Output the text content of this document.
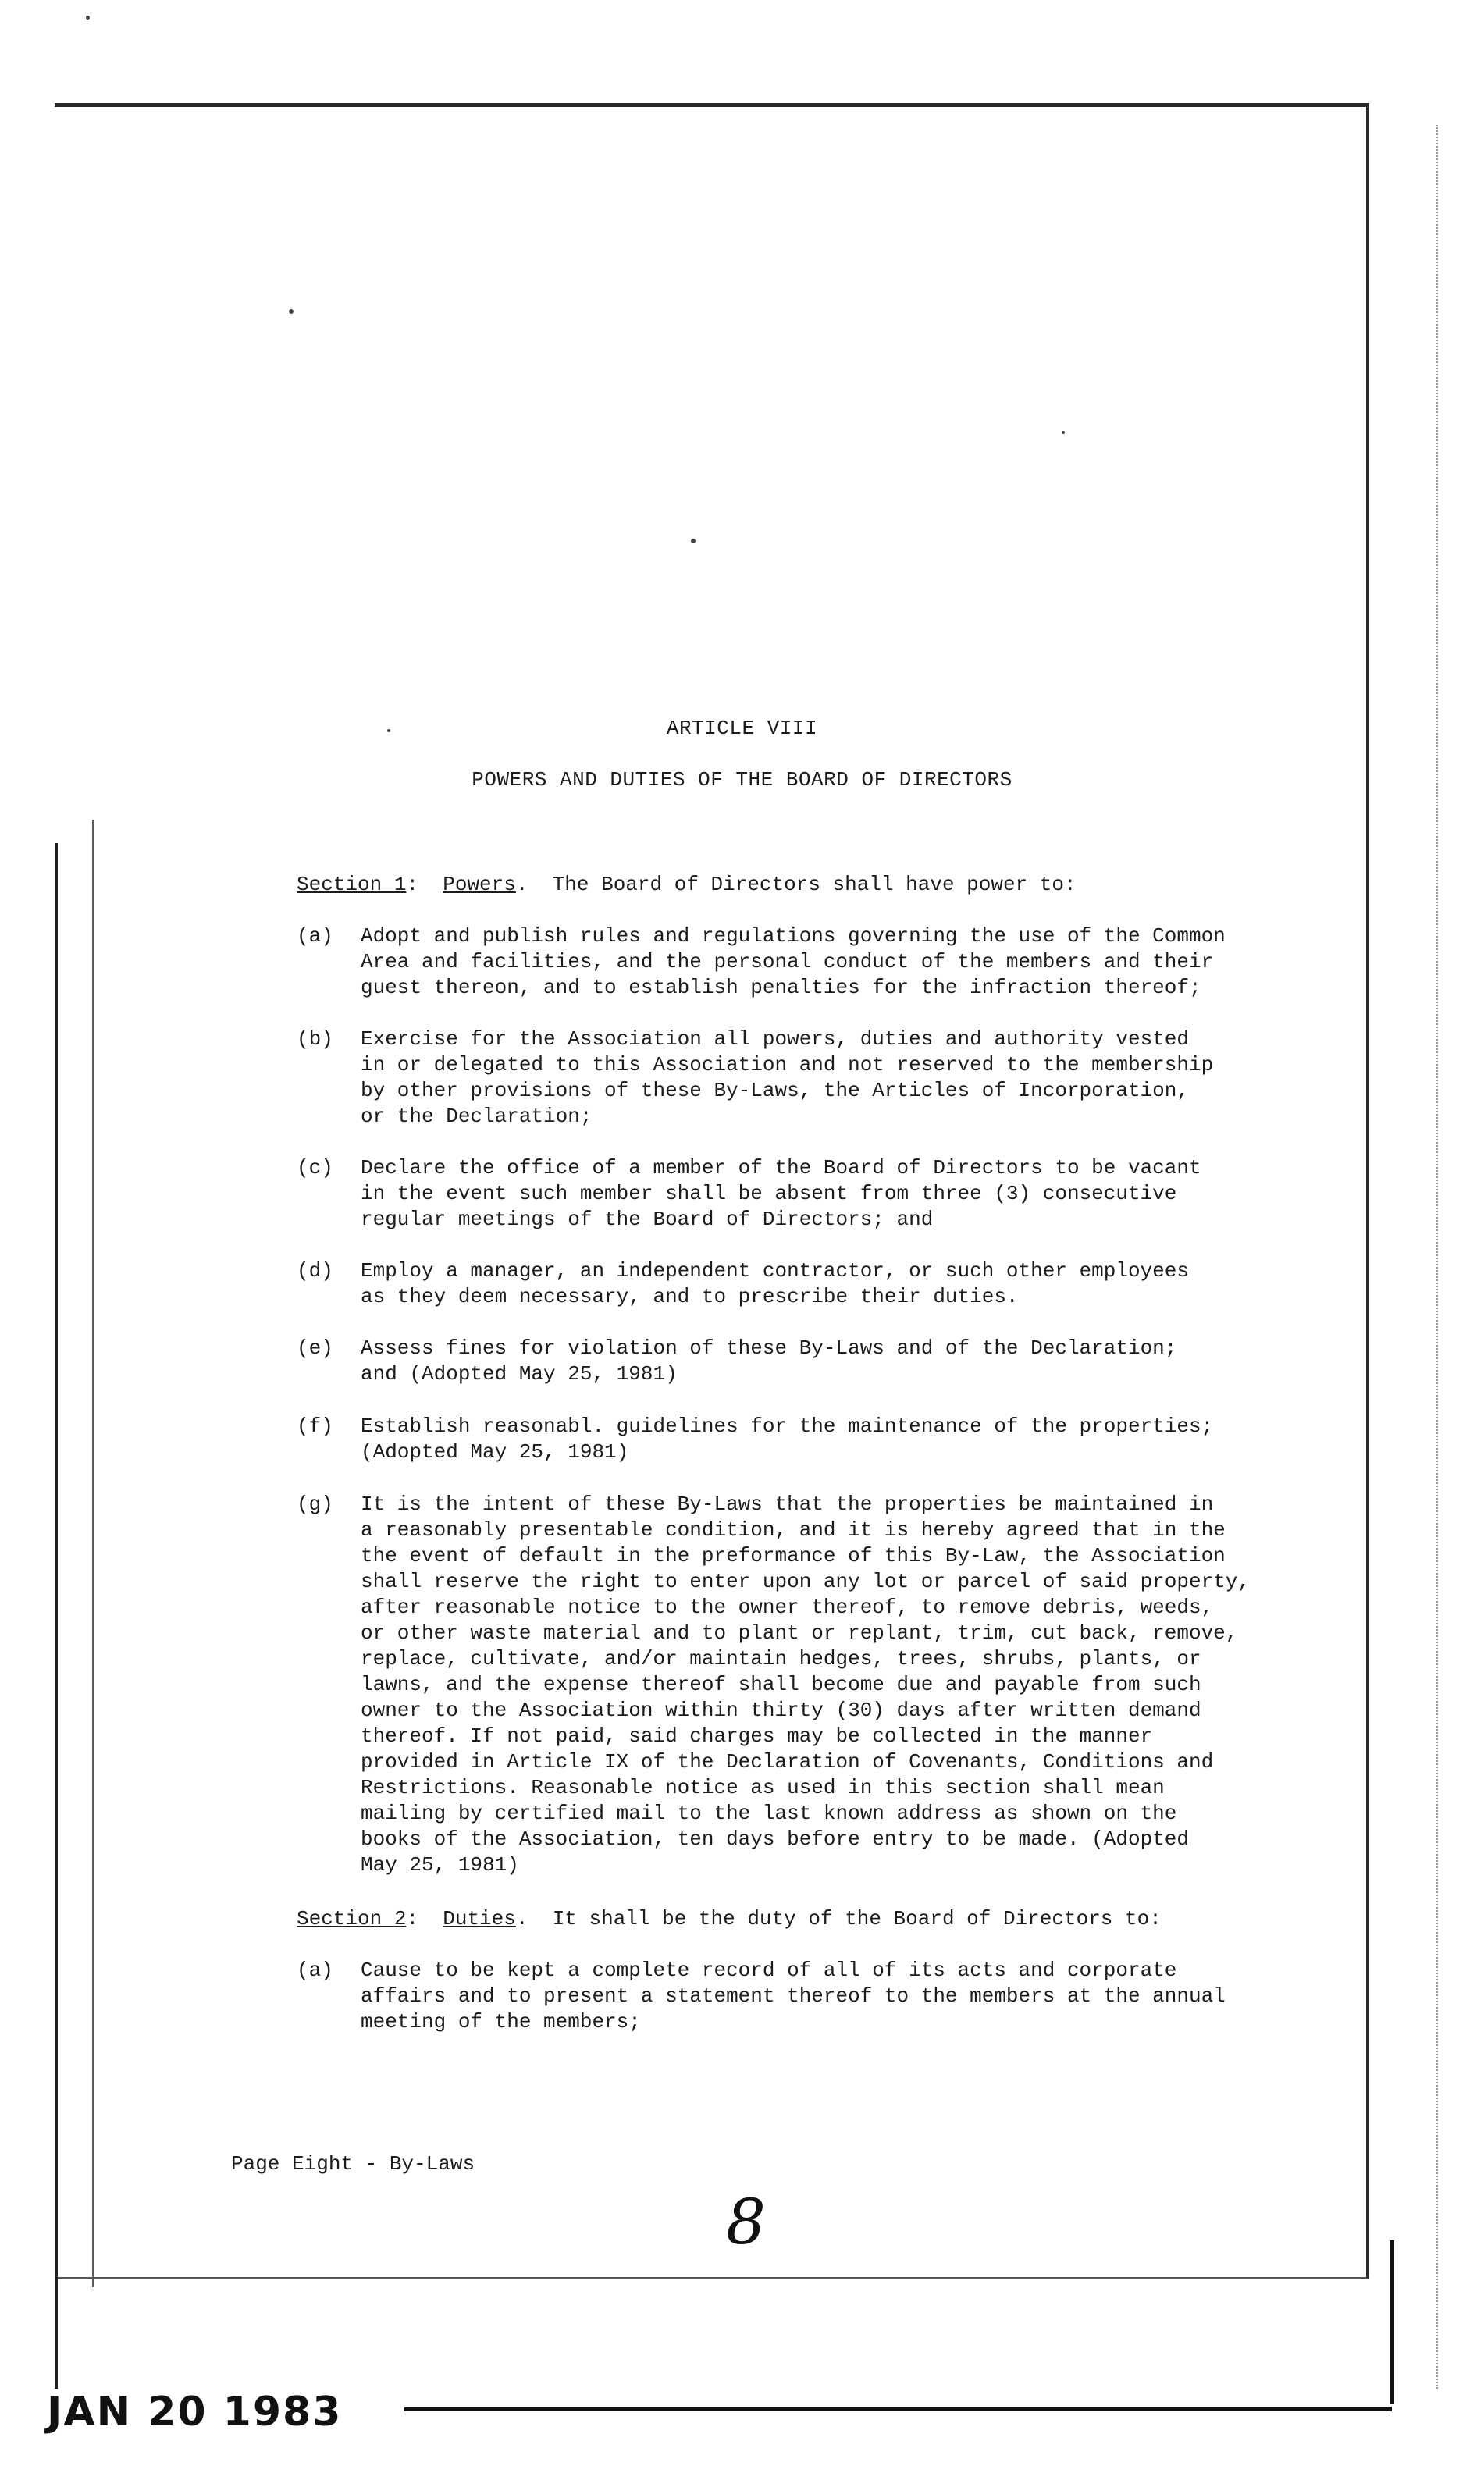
ARTICLE VIII
POWERS AND DUTIES OF THE BOARD OF DIRECTORS
Section 1:  Powers.  The Board of Directors shall have power to:
(a) Adopt and publish rules and regulations governing the use of the Common
Area and facilities, and the personal conduct of the members and their
guest thereon, and to establish penalties for the infraction thereof;
(b) Exercise for the Association all powers, duties and authority vested
in or delegated to this Association and not reserved to the membership
by other provisions of these By-Laws, the Articles of Incorporation,
or the Declaration;
(c) Declare the office of a member of the Board of Directors to be vacant
in the event such member shall be absent from three (3) consecutive
regular meetings of the Board of Directors; and
(d) Employ a manager, an independent contractor, or such other employees
as they deem necessary, and to prescribe their duties.
(e) Assess fines for violation of these By-Laws and of the Declaration;
and (Adopted May 25, 1981)
(f) Establish reasonabl. guidelines for the maintenance of the properties;
(Adopted May 25, 1981)
(g) It is the intent of these By-Laws that the properties be maintained in
a reasonably presentable condition, and it is hereby agreed that in the
the event of default in the preformance of this By-Law, the Association
shall reserve the right to enter upon any lot or parcel of said property,
after reasonable notice to the owner thereof, to remove debris, weeds,
or other waste material and to plant or replant, trim, cut back, remove,
replace, cultivate, and/or maintain hedges, trees, shrubs, plants, or
lawns, and the expense thereof shall become due and payable from such
owner to the Association within thirty (30) days after written demand
thereof. If not paid, said charges may be collected in the manner
provided in Article IX of the Declaration of Covenants, Conditions and
Restrictions. Reasonable notice as used in this section shall mean
mailing by certified mail to the last known address as shown on the
books of the Association, ten days before entry to be made. (Adopted
May 25, 1981)
Section 2:  Duties.  It shall be the duty of the Board of Directors to:
(a) Cause to be kept a complete record of all of its acts and corporate
affairs and to present a statement thereof to the members at the annual
meeting of the members;
Page Eight - By-Laws
8
JAN 20 1983
